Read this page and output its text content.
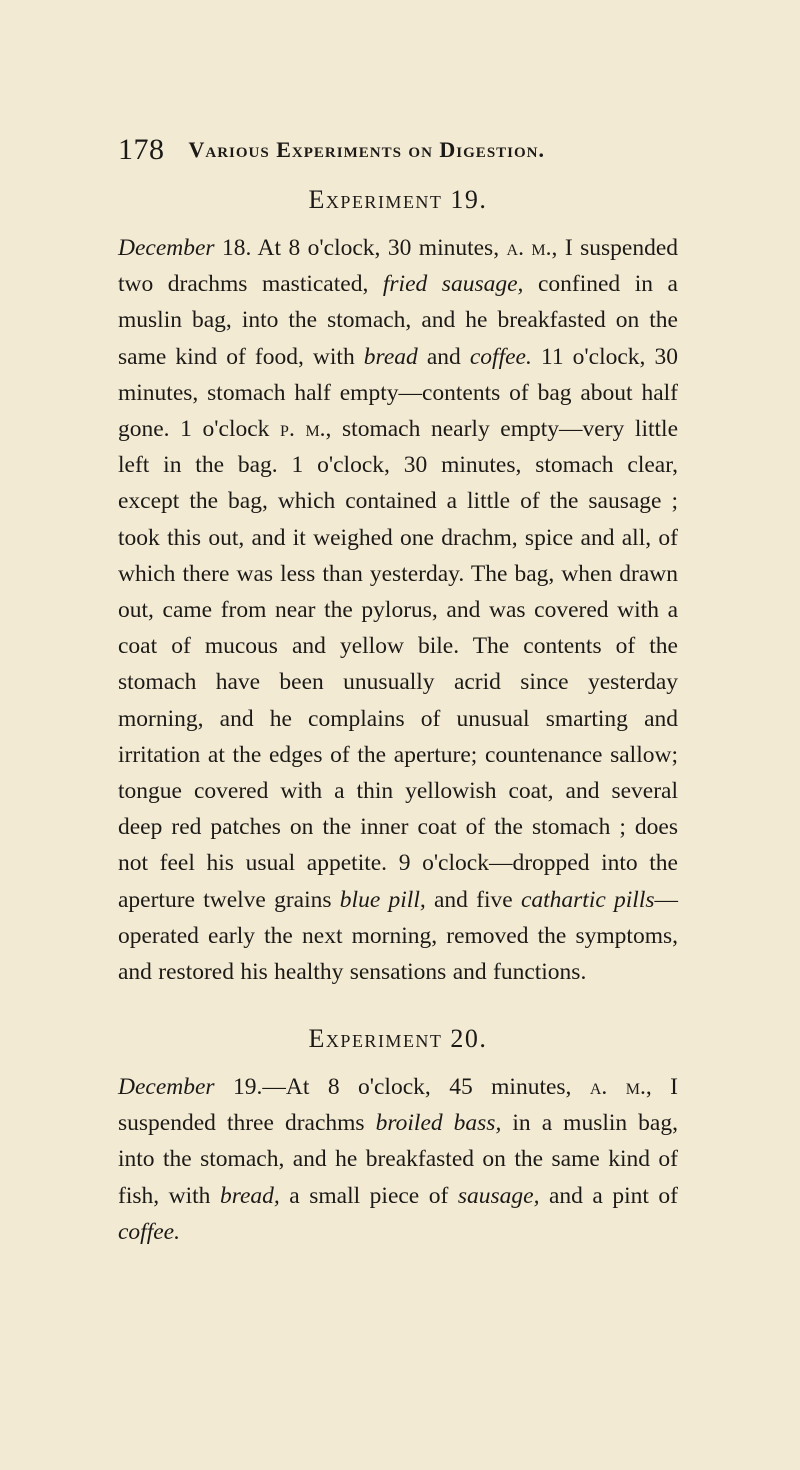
178 Various Experiments on Digestion.
Experiment 19.

December 18. At 8 o'clock, 30 minutes, a. m., I suspended two drachms masticated, fried sausage, confined in a muslin bag, into the stomach, and he breakfasted on the same kind of food, with bread and coffee. 11 o'clock, 30 minutes, stomach half empty—contents of bag about half gone. 1 o'clock p. m., stomach nearly empty—very little left in the bag. 1 o'clock, 30 minutes, stomach clear, except the bag, which contained a little of the sausage ; took this out, and it weighed one drachm, spice and all, of which there was less than yesterday. The bag, when drawn out, came from near the pylorus, and was covered with a coat of mucous and yellow bile. The contents of the stomach have been unusually acrid since yesterday morning, and he complains of unusual smarting and irritation at the edges of the aperture; countenance sallow; tongue covered with a thin yellowish coat, and several deep red patches on the inner coat of the stomach ; does not feel his usual appetite. 9 o'clock—dropped into the aperture twelve grains blue pill, and five cathartic pills—operated early the next morning, removed the symptoms, and restored his healthy sensations and functions.

Experiment 20.

December 19.—At 8 o'clock, 45 minutes, a. m., I suspended three drachms broiled bass, in a muslin bag, into the stomach, and he breakfasted on the same kind of fish, with bread, a small piece of sausage, and a pint of coffee.
